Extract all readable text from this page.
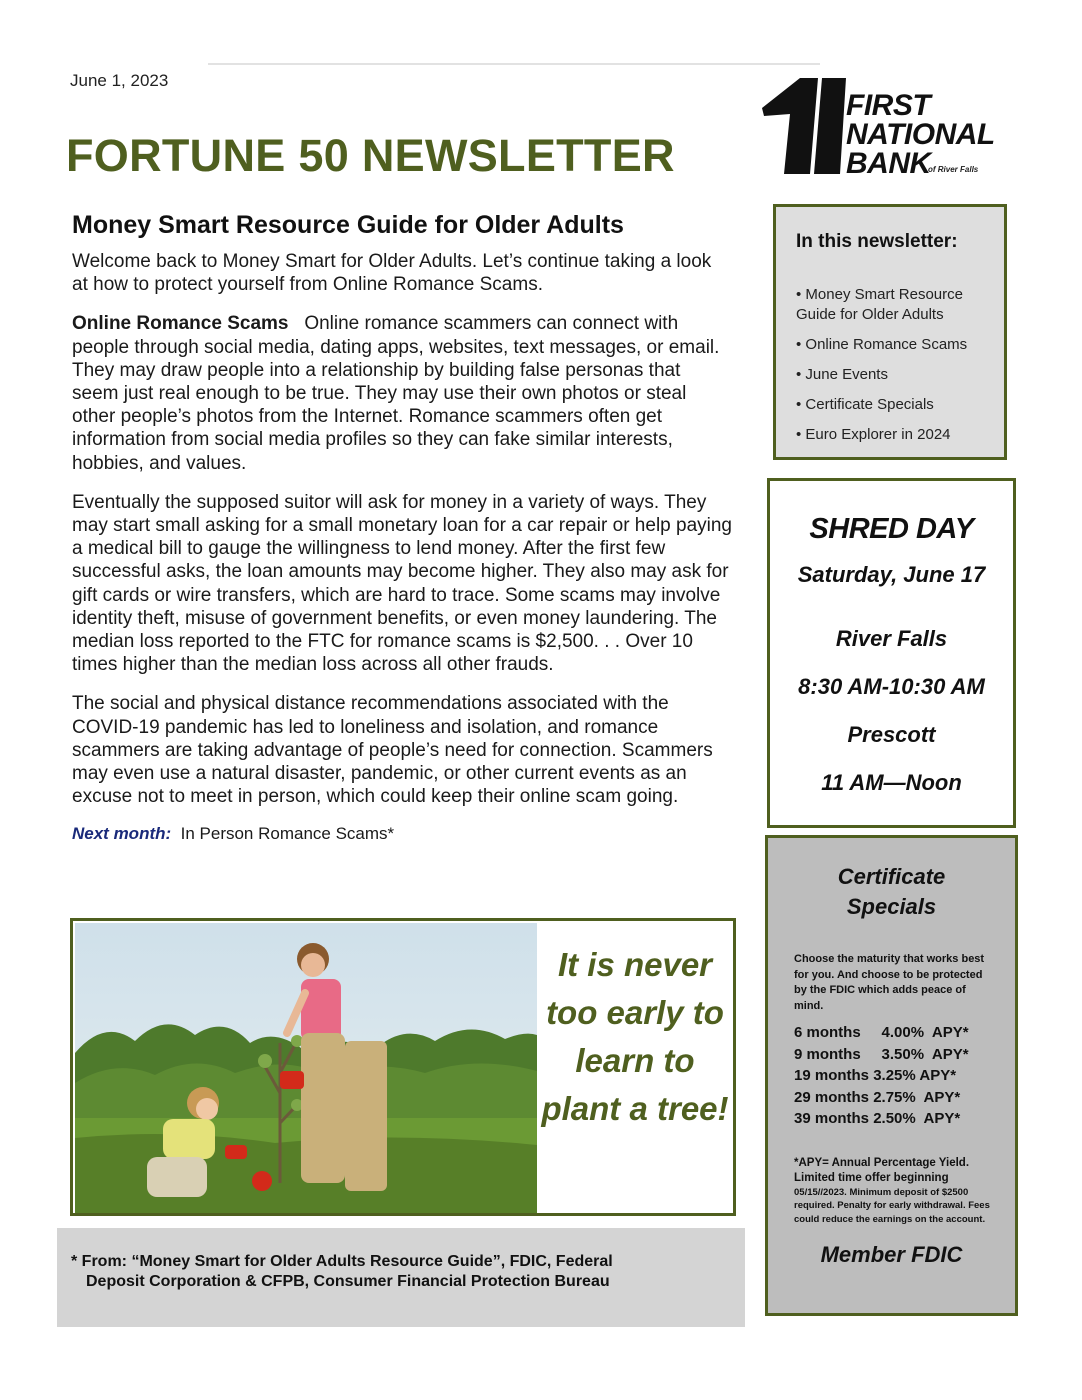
June 1, 2023
FORTUNE 50 NEWSLETTER
FIRST
NATIONAL
BANK
of River Falls
Money Smart Resource Guide for Older Adults

Welcome back to Money Smart for Older Adults. Let’s continue taking a look at how to protect yourself from Online Romance Scams.

Online Romance Scams Online romance scammers can connect with people through social media, dating apps, websites, text messages, or email. They may draw people into a relationship by building false personas that seem just real enough to be true. They may use their own photos or steal other people’s photos from the Internet. Romance scammers often get information from social media profiles so they can fake similar interests, hobbies, and values.

Eventually the supposed suitor will ask for money in a variety of ways. They may start small asking for a small monetary loan for a car repair or help paying a medical bill to gauge the willingness to lend money. After the first few successful asks, the loan amounts may become higher. They also may ask for gift cards or wire transfers, which are hard to trace. Some scams may involve identity theft, misuse of government benefits, or even money laundering. The median loss reported to the FTC for romance scams is $2,500. . . Over 10 times higher than the median loss across all other frauds.

The social and physical distance recommendations associated with the COVID-19 pandemic has led to loneliness and isolation, and romance scammers are taking advantage of people’s need for connection. Scammers may even use a natural disaster, pandemic, or other current events as an excuse not to meet in person, which could keep their online scam going.

Next month: In Person Romance Scams*
It is never too early to learn to plant a tree!
* From: “Money Smart for Older Adults Resource Guide”, FDIC, Federal
Deposit Corporation & CFPB, Consumer Financial Protection Bureau
In this newsletter:
• Money Smart Resource Guide for Older Adults
• Online Romance Scams
• June Events
• Certificate Specials
• Euro Explorer in 2024
SHRED DAY
Saturday, June 17
River Falls
8:30 AM-10:30 AM
Prescott
11 AM—Noon
Certificate
Specials
Choose the maturity that works best for you. And choose to be protected by the FDIC which adds peace of mind.
6 months 4.00% APY*
9 months 3.50% APY*
19 months 3.25% APY*
29 months 2.75% APY*
39 months 2.50% APY*
*APY= Annual Percentage Yield. Limited time offer beginning
05/15//2023. Minimum deposit of $2500 required. Penalty for early withdrawal. Fees could reduce the earnings on the account.
Member FDIC
